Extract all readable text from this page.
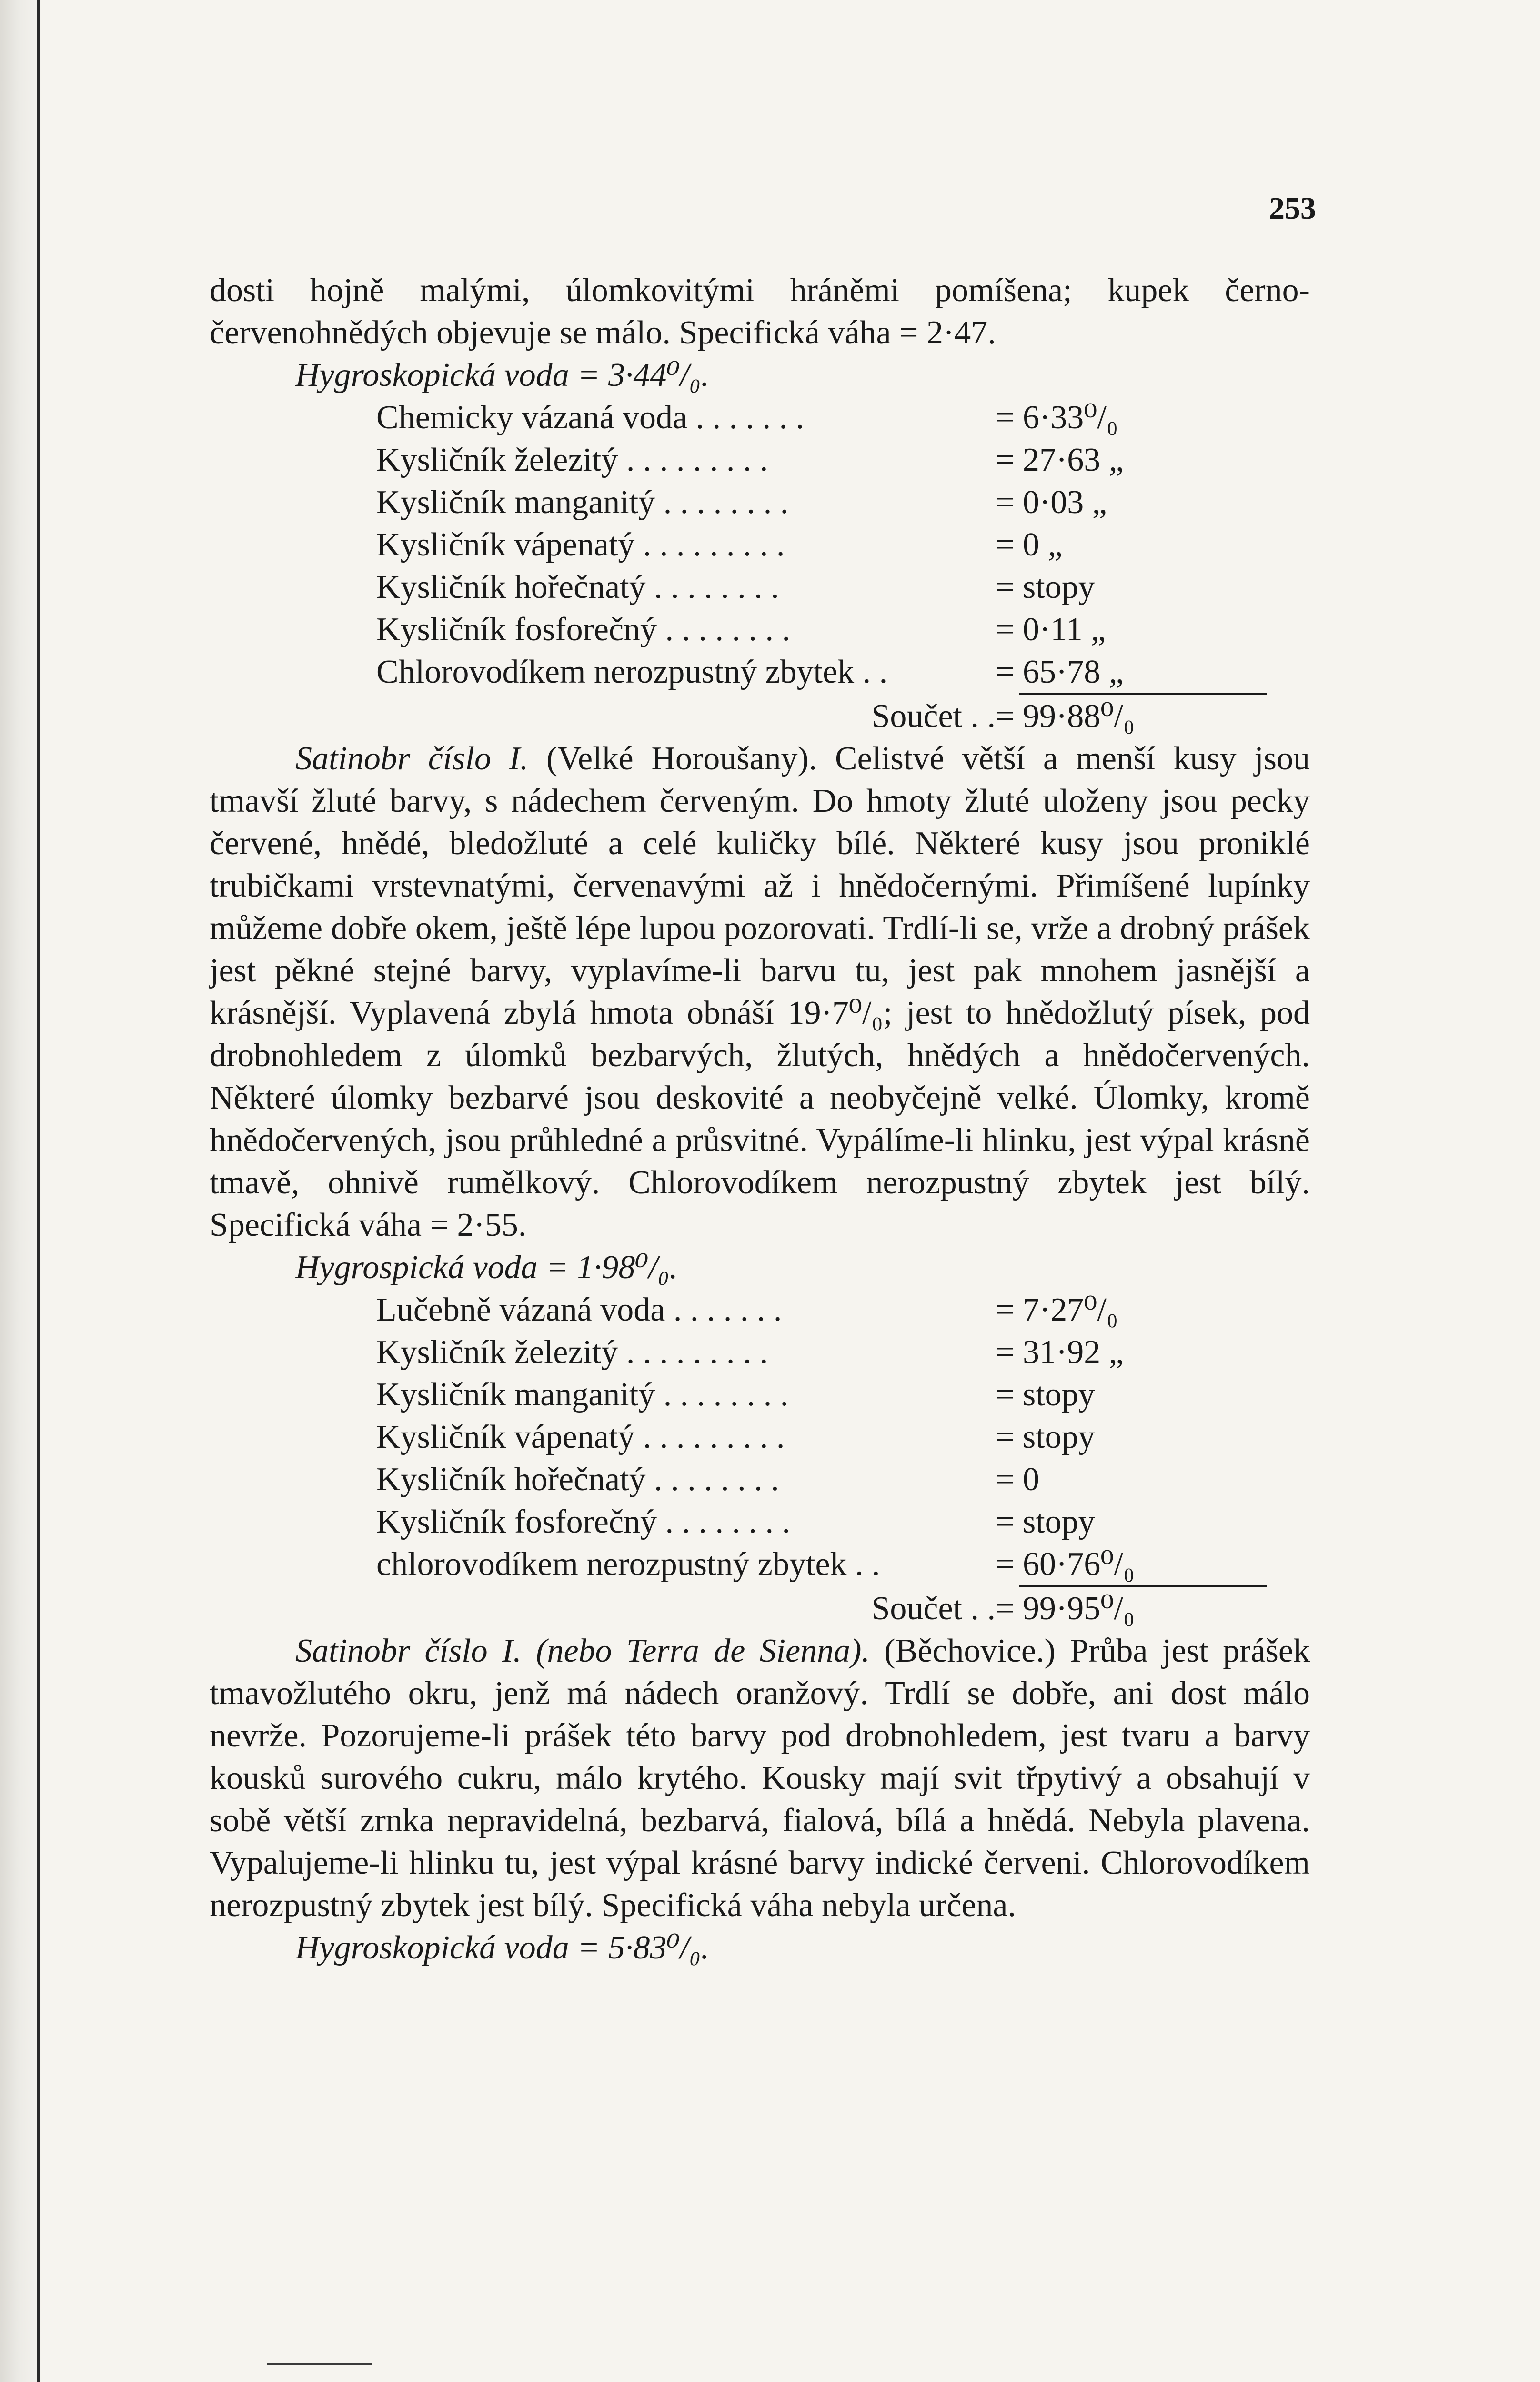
253

dosti hojně malými, úlomkovitými hráněmi pomíšena; kupek černo-červenohnědých objevuje se málo. Specifická váha = 2·47.

Hygroskopická voda = 3·44⁰/₀.

Chemicky vázaná voda . . . . . . .	= 6·33⁰/₀
Kysličník železitý . . . . . . . . .	= 27·63 „
Kysličník manganitý . . . . . . . .	= 0·03 „
Kysličník vápenatý . . . . . . . . .	= 0 „
Kysličník hořečnatý . . . . . . . .	= stopy
Kysličník fosforečný . . . . . . . .	= 0·11 „
Chlorovodíkem nerozpustný zbytek . .	= 65·78 „
Součet . . = 99·88⁰/₀

Satinobr číslo I. (Velké Horoušany). Celistvé větší a menší kusy jsou tmavší žluté barvy, s nádechem červeným. Do hmoty žluté uloženy jsou pecky červené, hnědé, bledožluté a celé kuličky bílé. Některé kusy jsou proniklé trubičkami vrstevnatými, červenavými až i hnědočernými. Přimíšené lupínky můžeme dobře okem, ještě lépe lupou pozorovati. Trdlí-li se, vrže a drobný prášek jest pěkné stejné barvy, vyplavíme-li barvu tu, jest pak mnohem jasnější a krásnější. Vyplavená zbylá hmota obnáší 19·7⁰/₀; jest to hnědožlutý písek, pod drobnohledem z úlomků bezbarvých, žlutých, hnědých a hnědočervených. Některé úlomky bezbarvé jsou deskovité a neobyčejně velké. Úlomky, kromě hnědočervených, jsou průhledné a průsvitné. Vypálíme-li hlinku, jest výpal krásně tmavě, ohnivě rumělkový. Chlorovodíkem nerozpustný zbytek jest bílý. Specifická váha = 2·55.

Hygrospická voda = 1·98⁰/₀.

Lučebně vázaná voda . . . . . . .	= 7·27⁰/₀
Kysličník železitý . . . . . . . . .	= 31·92 „
Kysličník manganitý . . . . . . . .	= stopy
Kysličník vápenatý . . . . . . . . .	= stopy
Kysličník hořečnatý . . . . . . . .	= 0
Kysličník fosforečný . . . . . . . .	= stopy
chlorovodíkem nerozpustný zbytek . .	= 60·76⁰/₀
Součet . . = 99·95⁰/₀

Satinobr číslo I. (nebo Terra de Sienna). (Běchovice.) Průba jest prášek tmavožlutého okru, jenž má nádech oranžový. Trdlí se dobře, ani dost málo nevrže. Pozorujeme-li prášek této barvy pod drobnohledem, jest tvaru a barvy kousků surového cukru, málo krytého. Kousky mají svit třpytivý a obsahují v sobě větší zrnka nepravidelná, bezbarvá, fialová, bílá a hnědá. Nebyla plavena. Vypalujeme-li hlinku tu, jest výpal krásné barvy indické červeni. Chlorovodíkem nerozpustný zbytek jest bílý. Specifická váha nebyla určena.

Hygroskopická voda = 5·83⁰/₀.
